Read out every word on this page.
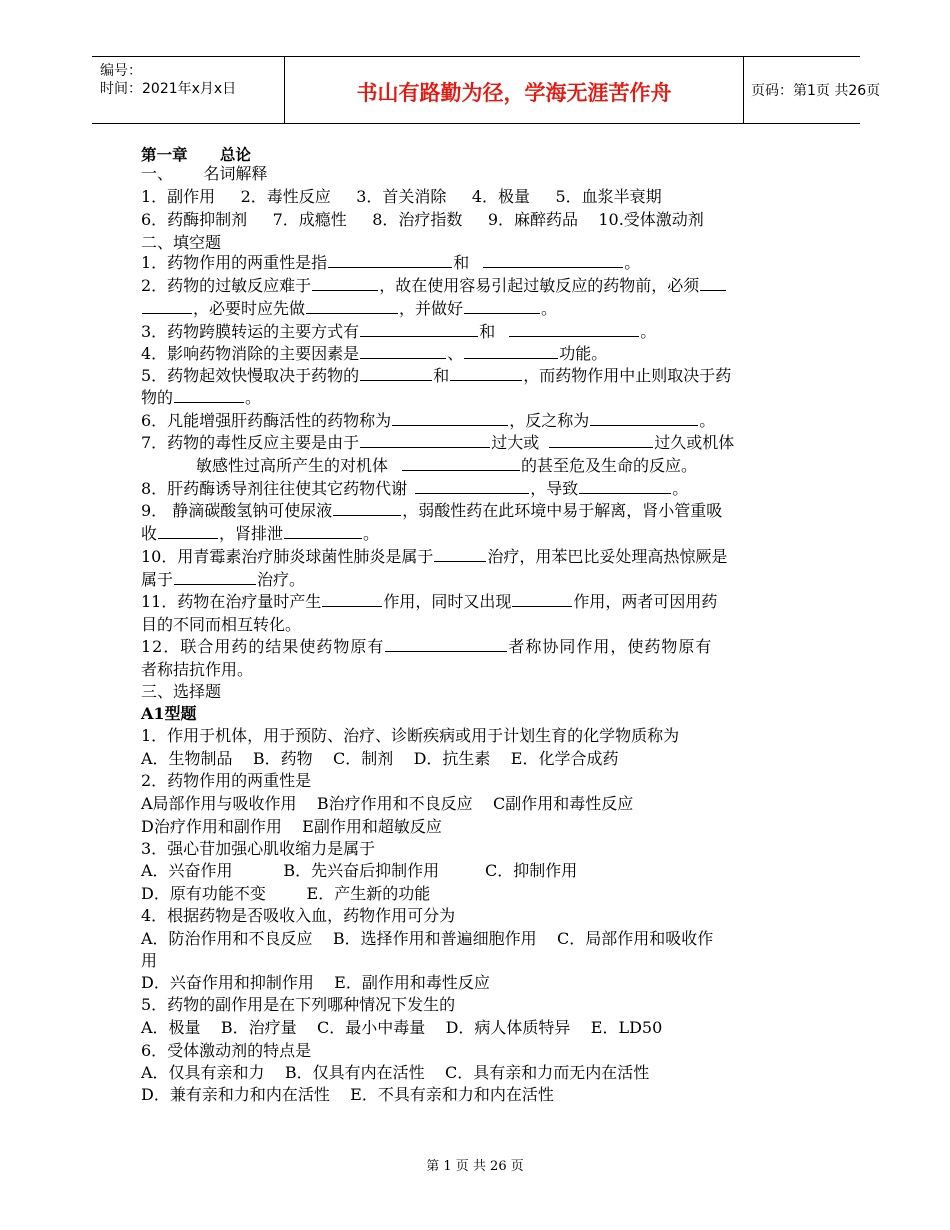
编号：
时间：2021年x月x日	书山有路勤为径，学海无涯苦作舟	页码：第1页 共26页
第一章      总论
一、      名词解释
1．副作用     2．毒性反应     3．首关消除     4．极量     5．血浆半衰期
6．药酶抑制剂     7．成瘾性     8．治疗指数     9．麻醉药品    10.受体激动剂
二、填空题
1．药物作用的两重性是指	和	。
2．药物的过敏反应难于	，故在使用容易引起过敏反应的药物前，必须
，必要时应先做	，并做好	。
3．药物跨膜转运的主要方式有	和	。
4．影响药物消除的主要因素是	、	功能。
5．药物起效快慢取决于药物的	和	，而药物作用中止则取决于药
物的	。
6．凡能增强肝药酶活性的药物称为	，反之称为	。
7．药物的毒性反应主要是由于	过大或	过久或机体
敏感性过高所产生的对机体	的甚至危及生命的反应。
8．肝药酶诱导剂往往使其它药物代谢	，导致	。
9． 静滴碳酸氢钠可使尿液	，弱酸性药在此环境中易于解离，肾小管重吸
收	，肾排泄	。
10．用青霉素治疗肺炎球菌性肺炎是属于	治疗，用苯巴比妥处理高热惊厥是
属于	治疗。
11．药物在治疗量时产生	作用，同时又出现	作用，两者可因用药
目的不同而相互转化。
12．联合用药的结果使药物原有	者称协同作用，使药物原有
者称拮抗作用。
三、选择题
A1型题
1．作用于机体，用于预防、治疗、诊断疾病或用于计划生育的化学物质称为
A．生物制品    B．药物    C．制剂    D．抗生素    E．化学合成药
2．药物作用的两重性是
A局部作用与吸收作用    B治疗作用和不良反应    C副作用和毒性反应
D治疗作用和副作用    E副作用和超敏反应
3．强心苷加强心肌收缩力是属于
A．兴奋作用          B．先兴奋后抑制作用         C．抑制作用
D．原有功能不变        E．产生新的功能
4．根据药物是否吸收入血，药物作用可分为
A．防治作用和不良反应    B．选择作用和普遍细胞作用    C．局部作用和吸收作
用
D．兴奋作用和抑制作用    E．副作用和毒性反应
5．药物的副作用是在下列哪种情况下发生的
A．极量    B．治疗量    C．最小中毒量    D．病人体质特异    E．LD50
6．受体激动剂的特点是
A．仅具有亲和力    B．仅具有内在活性    C．具有亲和力而无内在活性
D．兼有亲和力和内在活性    E．不具有亲和力和内在活性
第 1 页 共 26 页
